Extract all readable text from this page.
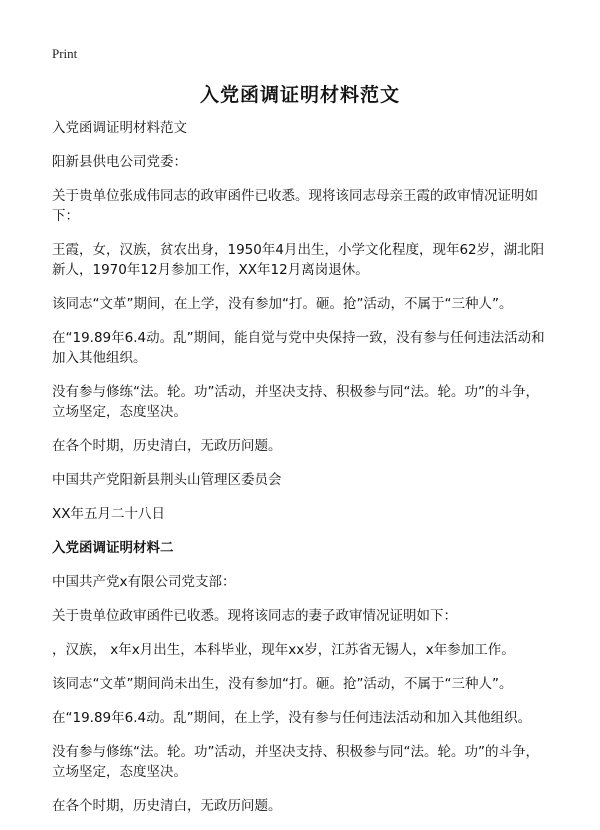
Print
入党函调证明材料范文

入党函调证明材料范文

阳新县供电公司党委：

关于贵单位张成伟同志的政审函件已收悉。现将该同志母亲王霞的政审情况证明如下：

王霞，女，汉族，贫农出身，1950年4月出生，小学文化程度，现年62岁，湖北阳新人，1970年12月参加工作，XX年12月离岗退休。

该同志“文革”期间，在上学，没有参加“打。砸。抢”活动，不属于“三种人”。

在“19.89年6.4动。乱”期间，能自觉与党中央保持一致，没有参与任何违法活动和加入其他组织。

没有参与修练“法。轮。功”活动，并坚决支持、积极参与同“法。轮。功”的斗争，立场坚定，态度坚决。

在各个时期，历史清白，无政历问题。

中国共产党阳新县荆头山管理区委员会

XX年五月二十八日

入党函调证明材料二

中国共产党x有限公司党支部：

关于贵单位政审函件已收悉。现将该同志的妻子政审情况证明如下：

，汉族， x年x月出生，本科毕业，现年xx岁，江苏省无锡人，x年参加工作。

该同志“文革”期间尚未出生，没有参加“打。砸。抢”活动，不属于“三种人”。

在“19.89年6.4动。乱”期间，在上学，没有参与任何违法活动和加入其他组织。

没有参与修练“法。轮。功”活动，并坚决支持、积极参与同“法。轮。功”的斗争，立场坚定，态度坚决。

在各个时期，历史清白，无政历问题。
